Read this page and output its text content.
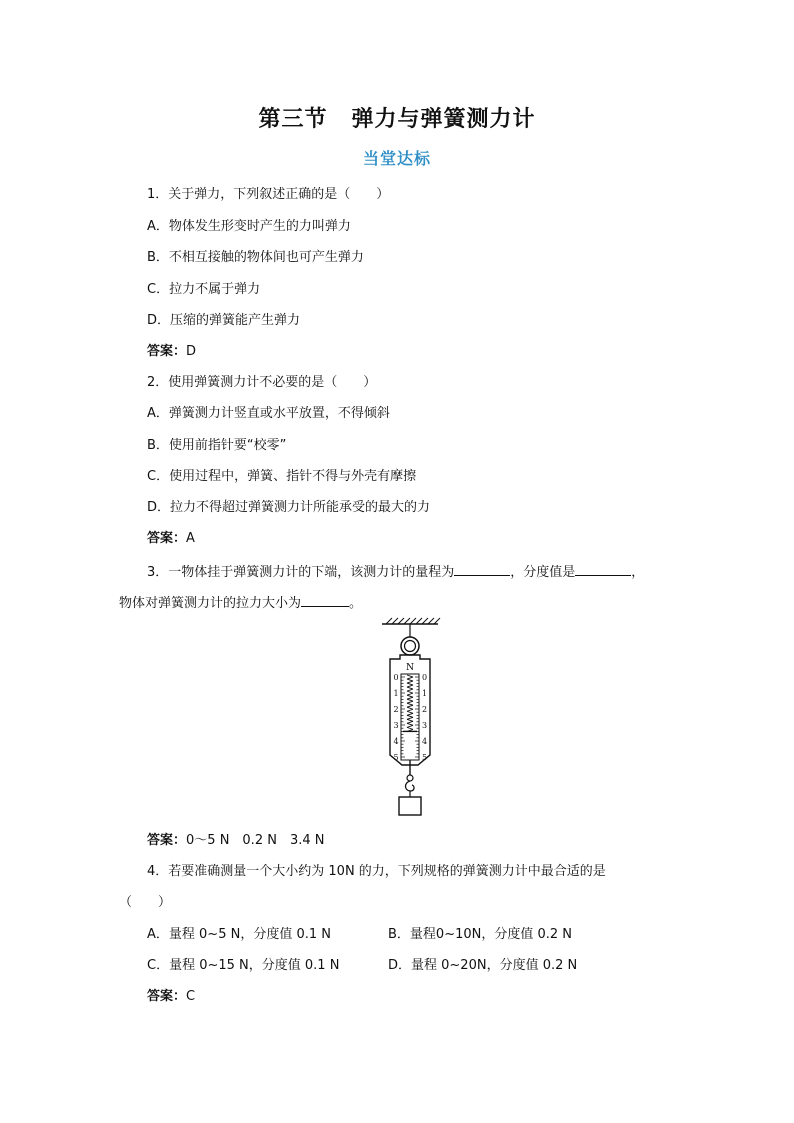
第三节 弹力与弹簧测力计
当堂达标
1．关于弹力，下列叙述正确的是（　　）
A．物体发生形变时产生的力叫弹力
B．不相互接触的物体间也可产生弹力
C．拉力不属于弹力
D．压缩的弹簧能产生弹力
答案：D
2．使用弹簧测力计不必要的是（　　）
A．弹簧测力计竖直或水平放置，不得倾斜
B．使用前指针要“校零”
C．使用过程中，弹簧、指针不得与外壳有摩擦
D．拉力不得超过弹簧测力计所能承受的最大的力
答案：A
3．一物体挂于弹簧测力计的下端，该测力计的量程为	，分度值是	，
物体对弹簧测力计的拉力大小为	。
N
0	0
1	1
2	2
3	3
4	4
5	5
答案：0～5 N　0.2 N　3.4 N
4．若要准确测量一个大小约为 10N 的力，下列规格的弹簧测力计中最合适的是
（　　）
A．量程 0~5 N，分度值 0.1 N	B．量程0~10N，分度值 0.2 N
C．量程 0~15 N，分度值 0.1 N	D．量程 0~20N，分度值 0.2 N
答案：C
